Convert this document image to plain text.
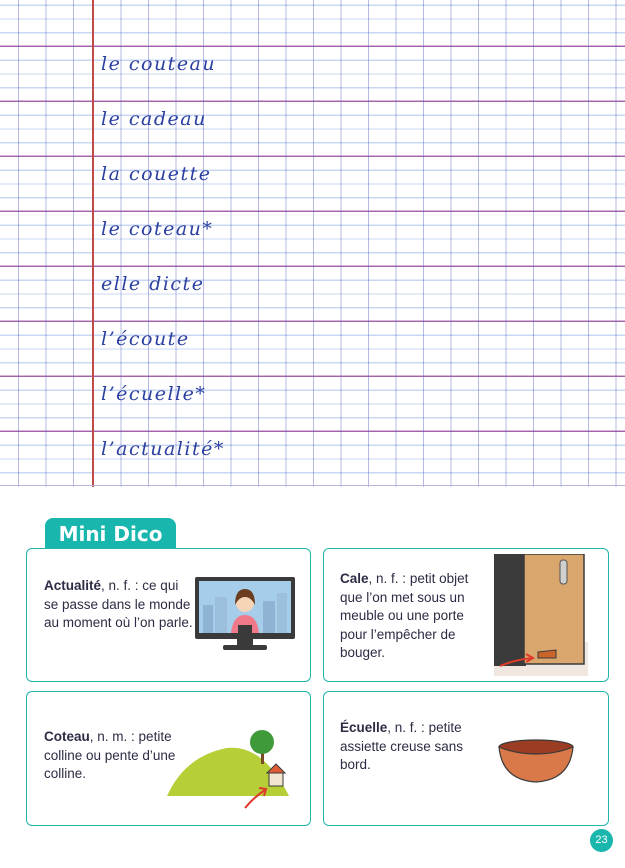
le couteau
le cadeau
la couette
le coteau*
elle dicte
l’écoute
l’écuelle*
l’actualité*
Mini Dico
Actualité, n. f. : ce qui se passe dans le monde au moment où l’on parle.
Cale, n. f. : petit objet que l’on met sous un meuble ou une porte pour l’empêcher de bouger.
Coteau, n. m. : petite colline ou pente d’une colline.
Écuelle, n. f. : petite assiette creuse sans bord.
23
